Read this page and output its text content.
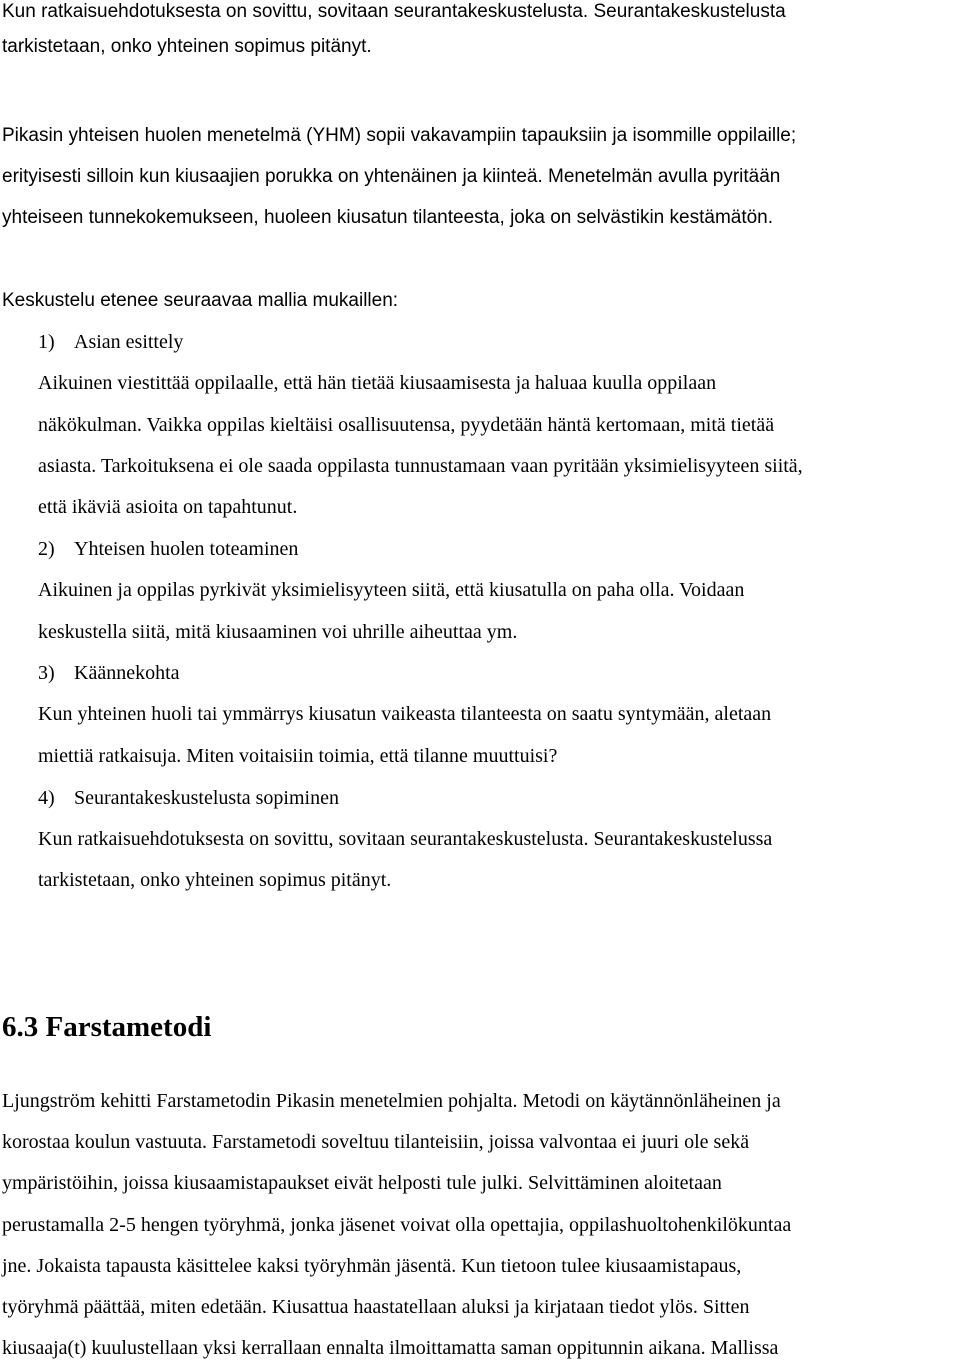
Kun ratkaisuehdotuksesta on sovittu, sovitaan seurantakeskustelusta. Seurantakeskustelusta
tarkistetaan, onko yhteinen sopimus pitänyt.
Pikasin yhteisen huolen menetelmä (YHM) sopii vakavampiin tapauksiin ja isommille oppilaille;
erityisesti silloin kun kiusaajien porukka on yhtenäinen ja kiinteä. Menetelmän avulla pyritään
yhteiseen tunnekokemukseen, huoleen kiusatun tilanteesta, joka on selvästikin kestämätön.
Keskustelu etenee seuraavaa mallia mukaillen:
1) Asian esittely
Aikuinen viestittää oppilaalle, että hän tietää kiusaamisesta ja haluaa kuulla oppilaan
näkökulman. Vaikka oppilas kieltäisi osallisuutensa, pyydetään häntä kertomaan, mitä tietää
asiasta. Tarkoituksena ei ole saada oppilasta tunnustamaan vaan pyritään yksimielisyyteen siitä,
että ikäviä asioita on tapahtunut.
2) Yhteisen huolen toteaminen
Aikuinen ja oppilas pyrkivät yksimielisyyteen siitä, että kiusatulla on paha olla. Voidaan
keskustella siitä, mitä kiusaaminen voi uhrille aiheuttaa ym.
3) Käännekohta
Kun yhteinen huoli tai ymmärrys kiusatun vaikeasta tilanteesta on saatu syntymään, aletaan
miettiä ratkaisuja. Miten voitaisiin toimia, että tilanne muuttuisi?
4) Seurantakeskustelusta sopiminen
Kun ratkaisuehdotuksesta on sovittu, sovitaan seurantakeskustelusta. Seurantakeskustelussa
tarkistetaan, onko yhteinen sopimus pitänyt.
6.3 Farstametodi
Ljungström kehitti Farstametodin Pikasin menetelmien pohjalta. Metodi on käytännönläheinen ja
korostaa koulun vastuuta. Farstametodi soveltuu tilanteisiin, joissa valvontaa ei juuri ole sekä
ympäristöihin, joissa kiusaamistapaukset eivät helposti tule julki. Selvittäminen aloitetaan
perustamalla 2-5 hengen työryhmä, jonka jäsenet voivat olla opettajia, oppilashuoltohenkilökuntaa
jne. Jokaista tapausta käsittelee kaksi työryhmän jäsentä. Kun tietoon tulee kiusaamistapaus,
työryhmä päättää, miten edetään. Kiusattua haastatellaan aluksi ja kirjataan tiedot ylös. Sitten
kiusaaja(t) kuulustellaan yksi kerrallaan ennalta ilmoittamatta saman oppitunnin aikana. Mallissa
